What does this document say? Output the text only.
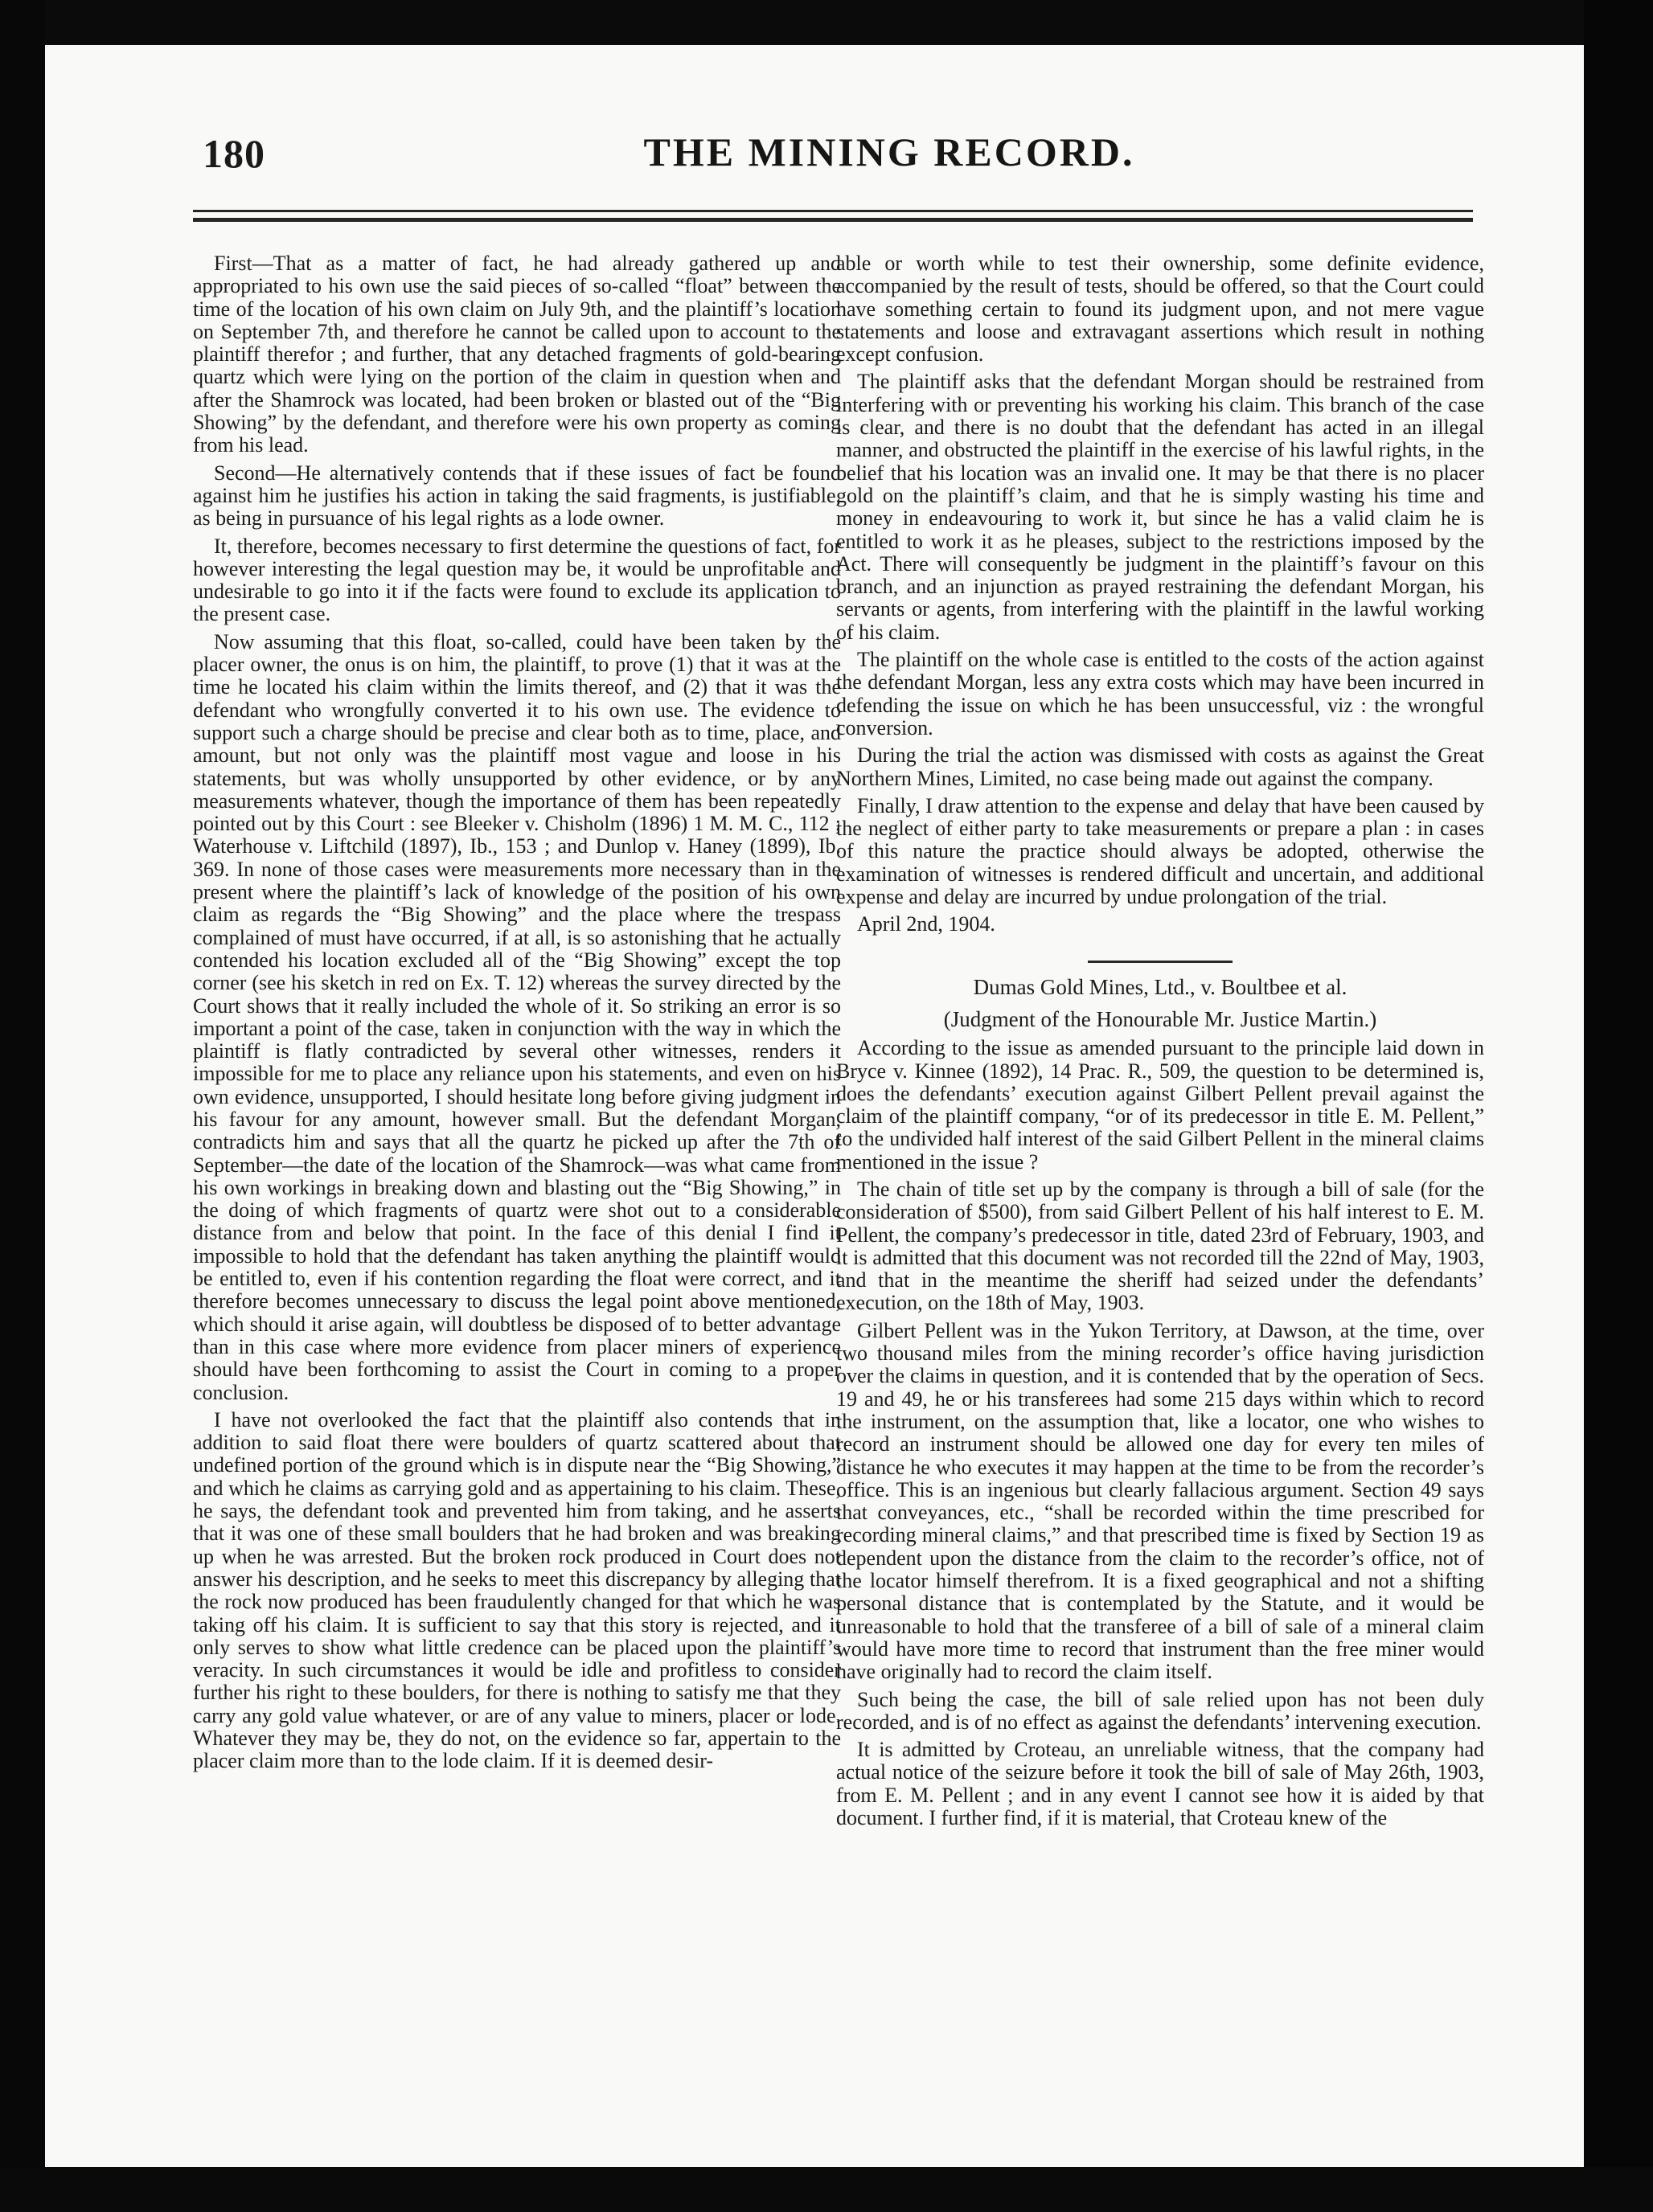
180	THE MINING RECORD.

First—That as a matter of fact, he had already gathered up and appropriated to his own use the said pieces of so-called “float” between the time of the location of his own claim on July 9th, and the plaintiff’s location on September 7th, and therefore he cannot be called upon to account to the plaintiff therefor ; and further, that any detached fragments of gold-bearing quartz which were lying on the portion of the claim in question when and after the Shamrock was located, had been broken or blasted out of the “Big Showing” by the defendant, and therefore were his own property as coming from his lead.

Second—He alternatively contends that if these issues of fact be found against him he justifies his action in taking the said fragments, is justifiable, as being in pursuance of his legal rights as a lode owner.

It, therefore, becomes necessary to first determine the questions of fact, for however interesting the legal question may be, it would be unprofitable and undesirable to go into it if the facts were found to exclude its application to the present case.

Now assuming that this float, so-called, could have been taken by the placer owner, the onus is on him, the plaintiff, to prove (1) that it was at the time he located his claim within the limits thereof, and (2) that it was the defendant who wrongfully converted it to his own use. The evidence to support such a charge should be precise and clear both as to time, place, and amount, but not only was the plaintiff most vague and loose in his statements, but was wholly unsupported by other evidence, or by any measurements whatever, though the importance of them has been repeatedly pointed out by this Court : see Bleeker v. Chisholm (1896) 1 M. M. C., 112 ; Waterhouse v. Liftchild (1897), Ib., 153 ; and Dunlop v. Haney (1899), Ib. 369. In none of those cases were measurements more necessary than in the present where the plaintiff’s lack of knowledge of the position of his own claim as regards the “Big Showing” and the place where the trespass complained of must have occurred, if at all, is so astonishing that he actually contended his location excluded all of the “Big Showing” except the top corner (see his sketch in red on Ex. T. 12) whereas the survey directed by the Court shows that it really included the whole of it. So striking an error is so important a point of the case, taken in conjunction with the way in which the plaintiff is flatly contradicted by several other witnesses, renders it impossible for me to place any reliance upon his statements, and even on his own evidence, unsupported, I should hesitate long before giving judgment in his favour for any amount, however small. But the defendant Morgan, contradicts him and says that all the quartz he picked up after the 7th of September—the date of the location of the Shamrock—was what came from his own workings in breaking down and blasting out the “Big Showing,” in the doing of which fragments of quartz were shot out to a considerable distance from and below that point. In the face of this denial I find it impossible to hold that the defendant has taken anything the plaintiff would be entitled to, even if his contention regarding the float were correct, and it therefore becomes unnecessary to discuss the legal point above mentioned, which should it arise again, will doubtless be disposed of to better advantage than in this case where more evidence from placer miners of experience should have been forthcoming to assist the Court in coming to a proper conclusion.

I have not overlooked the fact that the plaintiff also contends that in addition to said float there were boulders of quartz scattered about that undefined portion of the ground which is in dispute near the “Big Showing,” and which he claims as carrying gold and as appertaining to his claim. These, he says, the defendant took and prevented him from taking, and he asserts that it was one of these small boulders that he had broken and was breaking up when he was arrested. But the broken rock produced in Court does not answer his description, and he seeks to meet this discrepancy by alleging that the rock now produced has been fraudulently changed for that which he was taking off his claim. It is sufficient to say that this story is rejected, and it only serves to show what little credence can be placed upon the plaintiff’s veracity. In such circumstances it would be idle and profitless to consider further his right to these boulders, for there is nothing to satisfy me that they carry any gold value whatever, or are of any value to miners, placer or lode. Whatever they may be, they do not, on the evidence so far, appertain to the placer claim more than to the lode claim. If it is deemed desir-

able or worth while to test their ownership, some definite evidence, accompanied by the result of tests, should be offered, so that the Court could have something certain to found its judgment upon, and not mere vague statements and loose and extravagant assertions which result in nothing except confusion.

The plaintiff asks that the defendant Morgan should be restrained from interfering with or preventing his working his claim. This branch of the case is clear, and there is no doubt that the defendant has acted in an illegal manner, and obstructed the plaintiff in the exercise of his lawful rights, in the belief that his location was an invalid one. It may be that there is no placer gold on the plaintiff’s claim, and that he is simply wasting his time and money in endeavouring to work it, but since he has a valid claim he is entitled to work it as he pleases, subject to the restrictions imposed by the Act. There will consequently be judgment in the plaintiff’s favour on this branch, and an injunction as prayed restraining the defendant Morgan, his servants or agents, from interfering with the plaintiff in the lawful working of his claim.

The plaintiff on the whole case is entitled to the costs of the action against the defendant Morgan, less any extra costs which may have been incurred in defending the issue on which he has been unsuccessful, viz : the wrongful conversion.

During the trial the action was dismissed with costs as against the Great Northern Mines, Limited, no case being made out against the company.

Finally, I draw attention to the expense and delay that have been caused by the neglect of either party to take measurements or prepare a plan : in cases of this nature the practice should always be adopted, otherwise the examination of witnesses is rendered difficult and uncertain, and additional expense and delay are incurred by undue prolongation of the trial.

April 2nd, 1904.

Dumas Gold Mines, Ltd., v. Boultbee et al.
(Judgment of the Honourable Mr. Justice Martin.)

According to the issue as amended pursuant to the principle laid down in Bryce v. Kinnee (1892), 14 Prac. R., 509, the question to be determined is, does the defendants’ execution against Gilbert Pellent prevail against the claim of the plaintiff company, “or of its predecessor in title E. M. Pellent,” to the undivided half interest of the said Gilbert Pellent in the mineral claims mentioned in the issue ?

The chain of title set up by the company is through a bill of sale (for the consideration of $500), from said Gilbert Pellent of his half interest to E. M. Pellent, the company’s predecessor in title, dated 23rd of February, 1903, and it is admitted that this document was not recorded till the 22nd of May, 1903, and that in the meantime the sheriff had seized under the defendants’ execution, on the 18th of May, 1903.

Gilbert Pellent was in the Yukon Territory, at Dawson, at the time, over two thousand miles from the mining recorder’s office having jurisdiction over the claims in question, and it is contended that by the operation of Secs. 19 and 49, he or his transferees had some 215 days within which to record the instrument, on the assumption that, like a locator, one who wishes to record an instrument should be allowed one day for every ten miles of distance he who executes it may happen at the time to be from the recorder’s office. This is an ingenious but clearly fallacious argument. Section 49 says that conveyances, etc., “shall be recorded within the time prescribed for recording mineral claims,” and that prescribed time is fixed by Section 19 as dependent upon the distance from the claim to the recorder’s office, not of the locator himself therefrom. It is a fixed geographical and not a shifting personal distance that is contemplated by the Statute, and it would be unreasonable to hold that the transferee of a bill of sale of a mineral claim would have more time to record that instrument than the free miner would have originally had to record the claim itself.

Such being the case, the bill of sale relied upon has not been duly recorded, and is of no effect as against the defendants’ intervening execution.

It is admitted by Croteau, an unreliable witness, that the company had actual notice of the seizure before it took the bill of sale of May 26th, 1903, from E. M. Pellent ; and in any event I cannot see how it is aided by that document. I further find, if it is material, that Croteau knew of the
